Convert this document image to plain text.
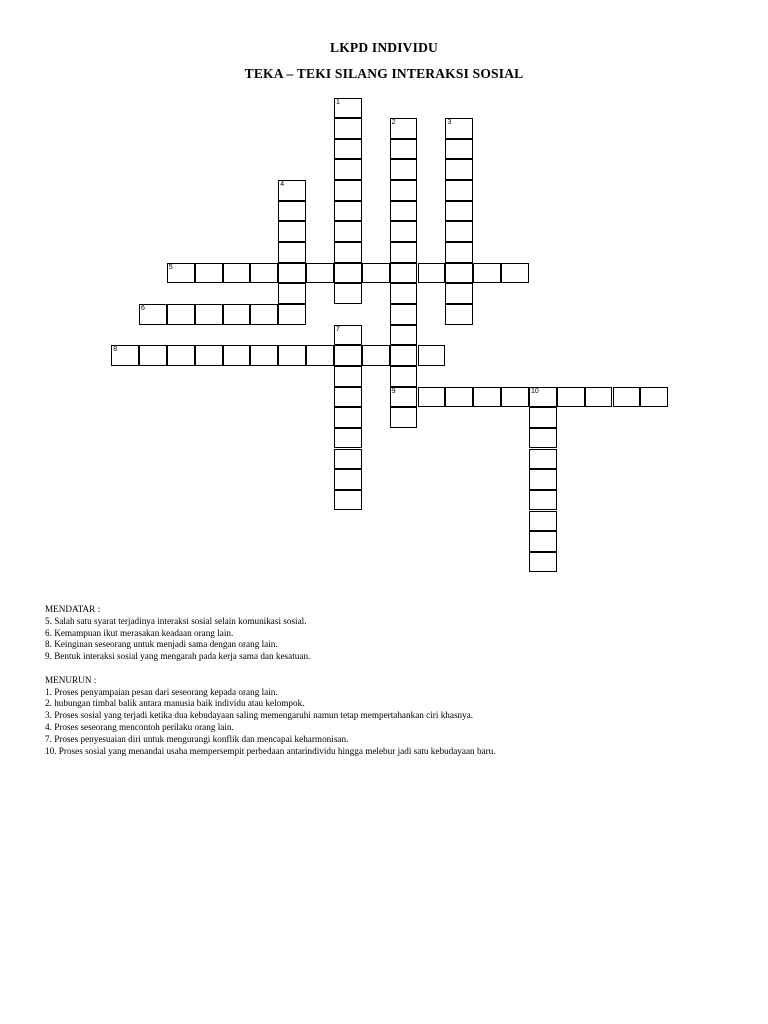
LKPD INDIVIDU
TEKA – TEKI SILANG INTERAKSI SOSIAL
1
2
9
3
4
5
6
7
8
10
MENDATAR :
5. Salah satu syarat terjadinya interaksi sosial selain komunikasi sosial.
6. Kemampuan ikut merasakan keadaan orang lain.
8. Keinginan seseorang untuk menjadi sama dengan orang lain.
9. Bentuk interaksi sosial yang mengarah pada kerja sama dan kesatuan.
MENURUN :
1. Proses penyampaian pesan dari seseorang kepada orang lain.
2. hubungan timbal balik antara manusia baik individu atau kelompok.
3. Proses sosial yang terjadi ketika dua kebudayaan saling memengaruhi namun tetap mempertahankan ciri khasnya.
4. Proses seseorang mencontoh perilaku orang lain.
7. Proses penyesuaian diri untuk mengurangi konflik dan mencapai keharmonisan.
10. Proses sosial yang menandai usaha mempersempit perbedaan antarindividu hingga melebur jadi satu kebudayaan baru.
